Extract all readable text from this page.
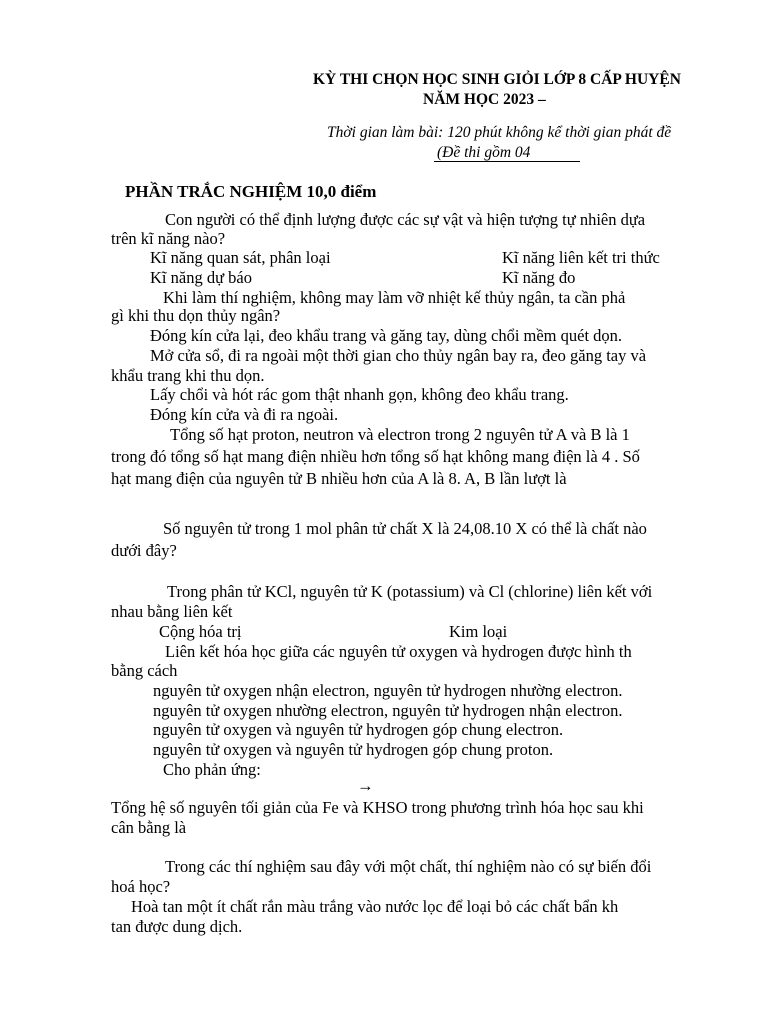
KỲ THI CHỌN HỌC SINH GIỎI LỚP 8 CẤP HUYỆN
NĂM HỌC 2023 –
Thời gian làm bài: 120 phút không kể thời gian phát đề
(Đề thi gồm 04
PHẦN TRẮC NGHIỆM 10,0 điểm
Con người có thể định lượng được các sự vật và hiện tượng tự nhiên dựa
trên kĩ năng nào?
Kĩ năng quan sát, phân loại	Kĩ năng liên kết tri thức
Kĩ năng dự báo	Kĩ năng đo
Khi làm thí nghiệm, không may làm vỡ nhiệt kế thủy ngân, ta cần phả
gì khi thu dọn thủy ngân?
Đóng kín cửa lại, đeo khẩu trang và găng tay, dùng chổi mềm quét dọn.
Mở cửa sổ, đi ra ngoài một thời gian cho thủy ngân bay ra, đeo găng tay và
khẩu trang khi thu dọn.
Lấy chổi và hót rác gom thật nhanh gọn, không đeo khẩu trang.
Đóng kín cửa và đi ra ngoài.
Tổng số hạt proton, neutron và electron trong 2 nguyên tử A và B là 1
trong đó tổng số hạt mang điện nhiều hơn tổng số hạt không mang điện là 4 . Số
hạt mang điện của nguyên tử B nhiều hơn của A là 8. A, B lần lượt là
Số nguyên tử trong 1 mol phân tử chất X là 24,08.10 X có thể là chất nào
dưới đây?
Trong phân tử KCl, nguyên tử K (potassium) và Cl (chlorine) liên kết với
nhau bằng liên kết
Cộng hóa trị	Kim loại
Liên kết hóa học giữa các nguyên tử oxygen và hydrogen được hình th
bằng cách
nguyên tử oxygen nhận electron, nguyên tử hydrogen nhường electron.
nguyên tử oxygen nhường electron, nguyên tử hydrogen nhận electron.
nguyên tử oxygen và nguyên tử hydrogen góp chung electron.
nguyên tử oxygen và nguyên tử hydrogen góp chung proton.
Cho phản ứng:
→
Tổng hệ số nguyên tối giản của Fe và KHSO trong phương trình hóa học sau khi
cân bằng là
Trong các thí nghiệm sau đây với một chất, thí nghiệm nào có sự biến đổi
hoá học?
Hoà tan một ít chất rắn màu trắng vào nước lọc để loại bỏ các chất bẩn kh
tan được dung dịch.
